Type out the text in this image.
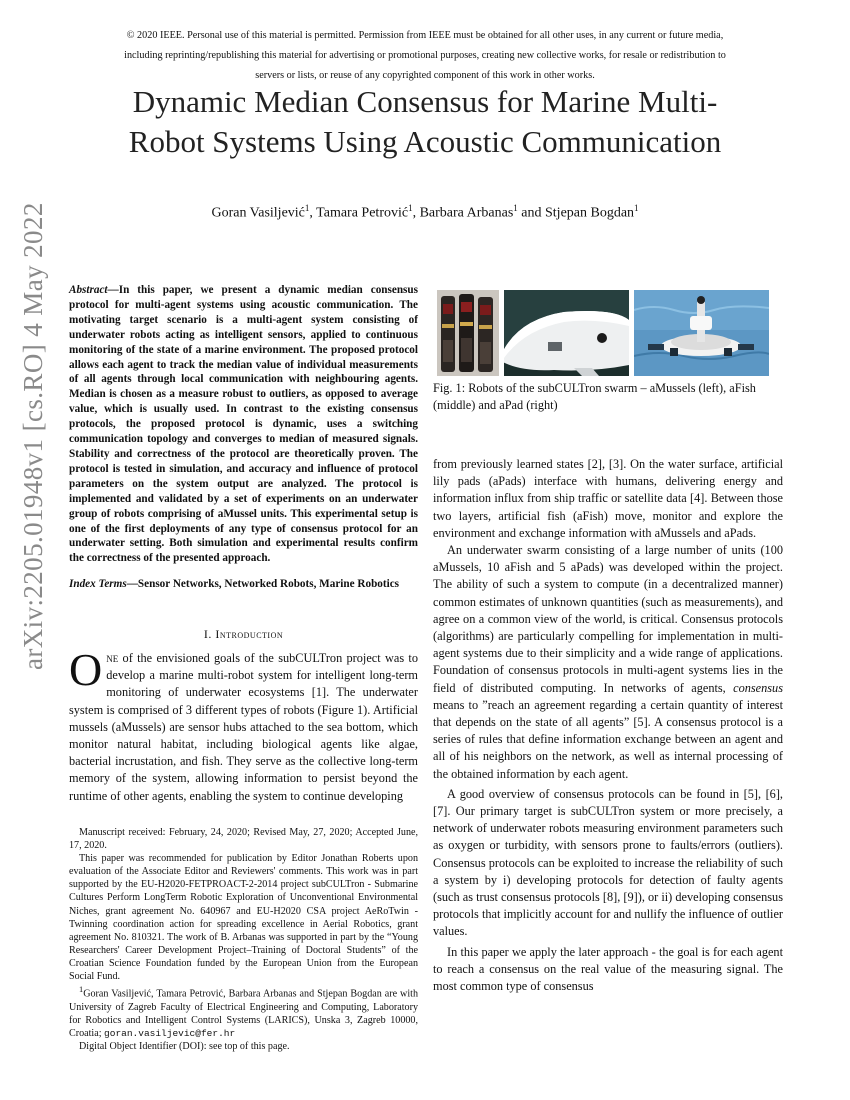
© 2020 IEEE. Personal use of this material is permitted. Permission from IEEE must be obtained for all other uses, in any current or future media, including reprinting/republishing this material for advertising or promotional purposes, creating new collective works, for resale or redistribution to servers or lists, or reuse of any copyrighted component of this work in other works.
Dynamic Median Consensus for Marine Multi-Robot Systems Using Acoustic Communication
Goran Vasiljević$^1$, Tamara Petrović$^1$, Barbara Arbanas$^1$ and Stjepan Bogdan$^1$
arXiv:2205.01948v1 [cs.RO] 4 May 2022 Abstract—In this paper, we present a dynamic median consensus protocol for multi-agent systems using acoustic communication. The motivating target scenario is a multi-agent system consisting of underwater robots acting as intelligent sensors, applied to continuous monitoring of the state of a marine environment. The proposed protocol allows each agent to track the median value of individual measurements of all agents through local communication with neighbouring agents. Median is chosen as a measure robust to outliers, as opposed to average value, which is usually used. In contrast to the existing consensus protocols, the proposed protocol is dynamic, uses a switching communication topology and converges to median of measured signals. Stability and correctness of the protocol are theoretically proven. The protocol is tested in simulation, and accuracy and influence of protocol parameters on the system output are analyzed. The protocol is implemented and validated by a set of experiments on an underwater group of robots comprising of aMussel units. This experimental setup is one of the first deployments of any type of consensus protocol for an underwater setting. Both simulation and experimental results confirm the correctness of the presented approach.
Index Terms—Sensor Networks, Networked Robots, Marine Robotics
I. Introduction
One of the envisioned goals of the subCULTron project was to develop a marine multi-robot system for intelligent long-term monitoring of underwater ecosystems [1]. The underwater system is comprised of 3 different types of robots (Figure 1). Artificial mussels (aMussels) are sensor hubs attached to the sea bottom, which monitor natural habitat, including biological agents like algae, bacterial incrustation, and fish. They serve as the collective long-term memory of the system, allowing information to persist beyond the runtime of other agents, enabling the system to continue developing

Manuscript received: February, 24, 2020; Revised May, 27, 2020; Accepted June, 17, 2020.

This paper was recommended for publication by Editor Jonathan Roberts upon evaluation of the Associate Editor and Reviewers' comments. This work was in part supported by the EU-H2020-FETPROACT-2-2014 project subCULTron - Submarine Cultures Perform LongTerm Robotic Exploration of Unconventional Environmental Niches, grant agreement No. 640967 and EU-H2020 CSA project AeRoTwin - Twinning coordination action for spreading excellence in Aerial Robotics, grant agreement No. 810321. The work of B. Arbanas was supported in part by the “Young Researchers' Career Development Project–Training of Doctoral Students” of the Croatian Science Foundation funded by the European Union from the European Social Fund.

$^1$Goran Vasiljević, Tamara Petrović, Barbara Arbanas and Stjepan Bogdan are with University of Zagreb Faculty of Electrical Engineering and Computing, Laboratory for Robotics and Intelligent Control Systems (LARICS), Unska 3, Zagreb 10000, Croatia; goran.vasiljevic@fer.hr

Digital Object Identifier (DOI): see top of this page.

Fig. 1: Robots of the subCULTron swarm – aMussels (left), aFish (middle) and aPad (right)

from previously learned states [2], [3]. On the water surface, artificial lily pads (aPads) interface with humans, delivering energy and information influx from ship traffic or satellite data [4]. Between those two layers, artificial fish (aFish) move, monitor and explore the environment and exchange information with aMussels and aPads.

An underwater swarm consisting of a large number of units (100 aMussels, 10 aFish and 5 aPads) was developed within the project. The ability of such a system to compute (in a decentralized manner) common estimates of unknown quantities (such as measurements), and agree on a common view of the world, is critical. Consensus protocols (algorithms) are particularly compelling for implementation in multi-agent systems due to their simplicity and a wide range of applications. Foundation of consensus protocols in multi-agent systems lies in the field of distributed computing. In networks of agents, consensus means to ”reach an agreement regarding a certain quantity of interest that depends on the state of all agents” [5]. A consensus protocol is a series of rules that define information exchange between an agent and all of his neighbors on the network, as well as internal processing of the obtained information by each agent.

A good overview of consensus protocols can be found in [5], [6], [7]. Our primary target is subCULTron system or more precisely, a network of underwater robots measuring environment parameters such as oxygen or turbidity, with sensors prone to faults/errors (outliers). Consensus protocols can be exploited to increase the reliability of such a system by i) developing protocols for detection of faulty agents (such as trust consensus protocols [8], [9]), or ii) developing consensus protocols that implicitly account for and nullify the influence of outlier values.

In this paper we apply the later approach - the goal is for each agent to reach a consensus on the real value of the measuring signal. The most common type of consensus
